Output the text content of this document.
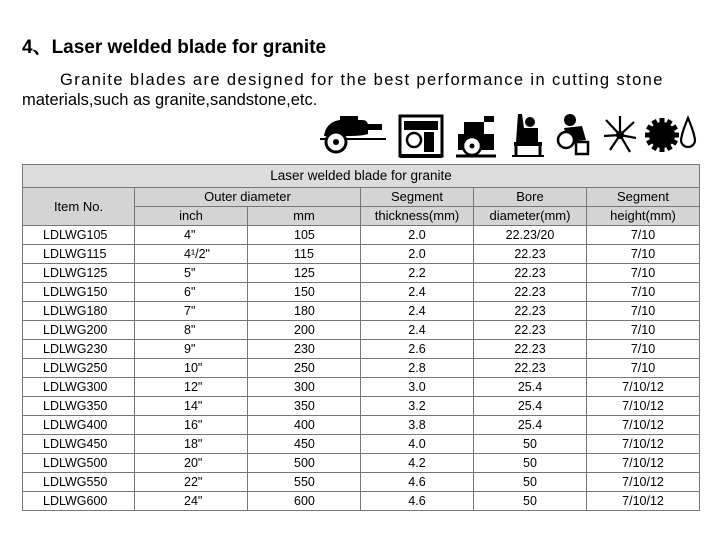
4、Laser welded blade for granite
Granite blades are designed for the best performance in cutting stone
materials,such as granite,sandstone,etc.
Laser welded blade for granite					
Item No.	Outer diameter		Segment	Bore	Segment
	inch	mm	thickness(mm)	diameter(mm)	height(mm)
LDLWG105	4"	105	2.0	22.23/20	7/10
LDLWG115	4¹/2"	115	2.0	22.23	7/10
LDLWG125	5"	125	2.2	22.23	7/10
LDLWG150	6"	150	2.4	22.23	7/10
LDLWG180	7"	180	2.4	22.23	7/10
LDLWG200	8"	200	2.4	22.23	7/10
LDLWG230	9"	230	2.6	22.23	7/10
LDLWG250	10"	250	2.8	22.23	7/10
LDLWG300	12"	300	3.0	25.4	7/10/12
LDLWG350	14"	350	3.2	25.4	7/10/12
LDLWG400	16"	400	3.8	25.4	7/10/12
LDLWG450	18"	450	4.0	50	7/10/12
LDLWG500	20"	500	4.2	50	7/10/12
LDLWG550	22"	550	4.6	50	7/10/12
LDLWG600	24"	600	4.6	50	7/10/12
